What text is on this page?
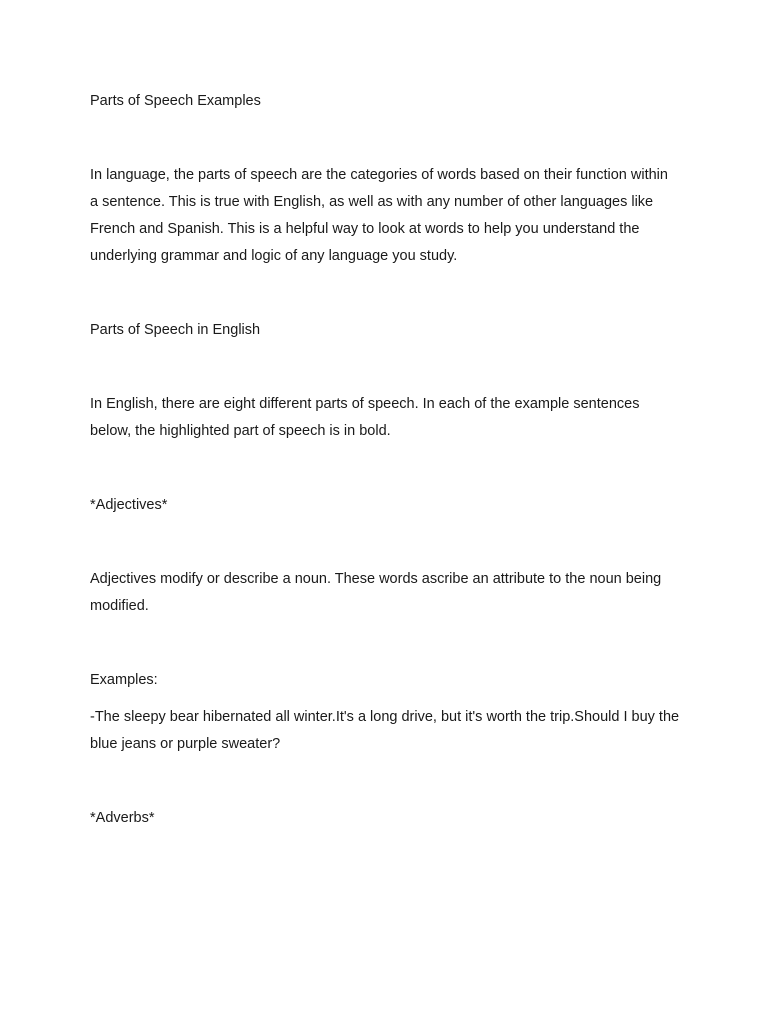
Parts of Speech Examples

In language, the parts of speech are the categories of words based on their function within a sentence. This is true with English, as well as with any number of other languages like French and Spanish. This is a helpful way to look at words to help you understand the underlying grammar and logic of any language you study.

Parts of Speech in English

In English, there are eight different parts of speech. In each of the example sentences below, the highlighted part of speech is in bold.

*Adjectives*

Adjectives modify or describe a noun. These words ascribe an attribute to the noun being modified.

Examples:

-The sleepy bear hibernated all winter.It's a long drive, but it's worth the trip.Should I buy the blue jeans or purple sweater?

*Adverbs*
